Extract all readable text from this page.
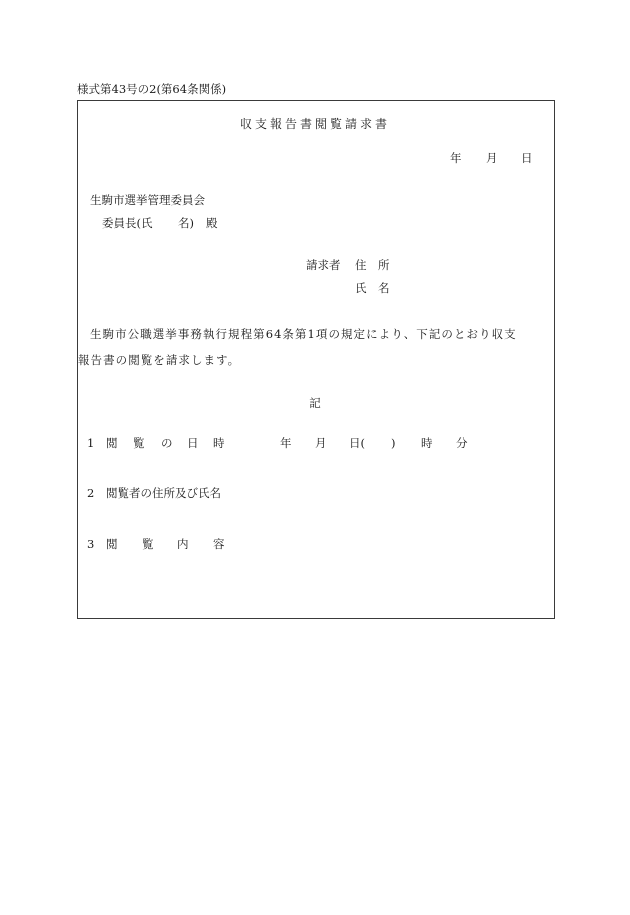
様式第43号の2(第64条関係)
収支報告書閲覧請求書
年 月 日
生駒市選挙管理委員会
委員長(氏 名) 殿
請求者 住 所
氏 名
生駒市公職選挙事務執行規程第64条第1項の規定により、下記のとおり収支
報告書の閲覧を請求します。
記
1 閲 覧 の 日 時	年 月 日( ) 時 分
2 閲覧者の住所及び氏名
3 閲 覧 内 容
